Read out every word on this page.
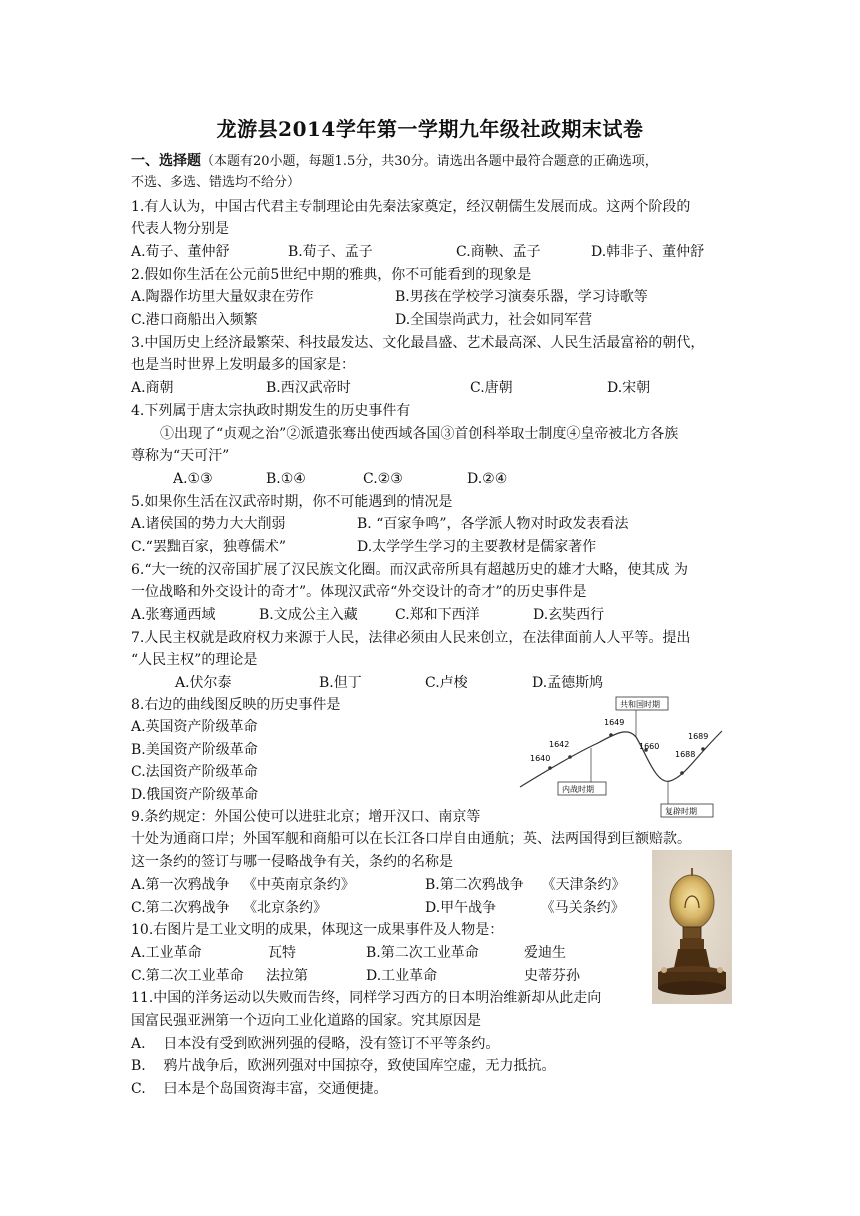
龙游县2014学年第一学期九年级社政期末试卷
一、选择题（本题有20小题，每题1.5分，共30分。请选出各题中最符合题意的正确选项，
不选、多选、错选均不给分）
1.有人认为，中国古代君主专制理论由先秦法家奠定，经汉朝儒生发展而成。这两个阶段的
代表人物分别是
A.荀子、董仲舒	B.荀子、孟子	C.商鞅、孟子	D.韩非子、董仲舒
2.假如你生活在公元前5世纪中期的雅典，你不可能看到的现象是
A.陶器作坊里大量奴隶在劳作	B.男孩在学校学习演奏乐器，学习诗歌等
C.港口商船出入频繁	D.全国崇尚武力，社会如同军营
3.中国历史上经济最繁荣、科技最发达、文化最昌盛、艺术最高深、人民生活最富裕的朝代，
也是当时世界上发明最多的国家是：
A.商朝	B.西汉武帝时	C.唐朝	D.宋朝
4.下列属于唐太宗执政时期发生的历史事件有
①出现了“贞观之治”②派遣张骞出使西域各国③首创科举取士制度④皇帝被北方各族
尊称为“天可汗”
A.①③	B.①④	C.②③	D.②④
5.如果你生活在汉武帝时期，你不可能遇到的情况是
A.诸侯国的势力大大削弱	B. “百家争鸣”，各学派人物对时政发表看法
C.“罢黜百家，独尊儒术”	D.太学学生学习的主要教材是儒家著作
6.“大一统的汉帝国扩展了汉民族文化圈。而汉武帝所具有超越历史的雄才大略，使其成 为
一位战略和外交设计的奇才”。体现汉武帝“外交设计的奇才”的历史事件是
A.张骞通西域	B.文成公主入藏	C.郑和下西洋	D.玄奘西行
7.人民主权就是政府权力来源于人民，法律必须由人民来创立，在法律面前人人平等。提出
“人民主权”的理论是
A.伏尔泰	B.但丁	C.卢梭	D.孟德斯鸠
8.右边的曲线图反映的历史事件是
A.英国资产阶级革命
B.美国资产阶级革命
C.法国资产阶级革命
D.俄国资产阶级革命
1640
1642
1649
1660
1688
1689
共和国时期
内战时期
复辟时期
9.条约规定：外国公使可以进驻北京；增开汉口、南京等
十处为通商口岸；外国军舰和商船可以在长江各口岸自由通航；英、法两国得到巨额赔款。
这一条约的签订与哪一侵略战争有关，条约的名称是
A.第一次鸦战争   《中英南京条约》	B.第二次鸦战争    《天津条约》
C.第二次鸦战争   《北京条约》	D.甲午战争          《马关条约》
10.右图片是工业文明的成果，体现这一成果事件及人物是：
A.工业革命	瓦特	B.第二次工业革命	爱迪生
C.第二次工业革命 法拉第	D.工业革命	史蒂芬孙
11.中国的洋务运动以失败而告终，同样学习西方的日本明治维新却从此走向
国富民强亚洲第一个迈向工业化道路的国家。究其原因是
A.    日本没有受到欧洲列强的侵略，没有签订不平等条约。
B.    鸦片战争后，欧洲列强对中国掠夺，致使国库空虚，无力抵抗。
C.    曰本是个岛国资海丰富，交通便捷。
